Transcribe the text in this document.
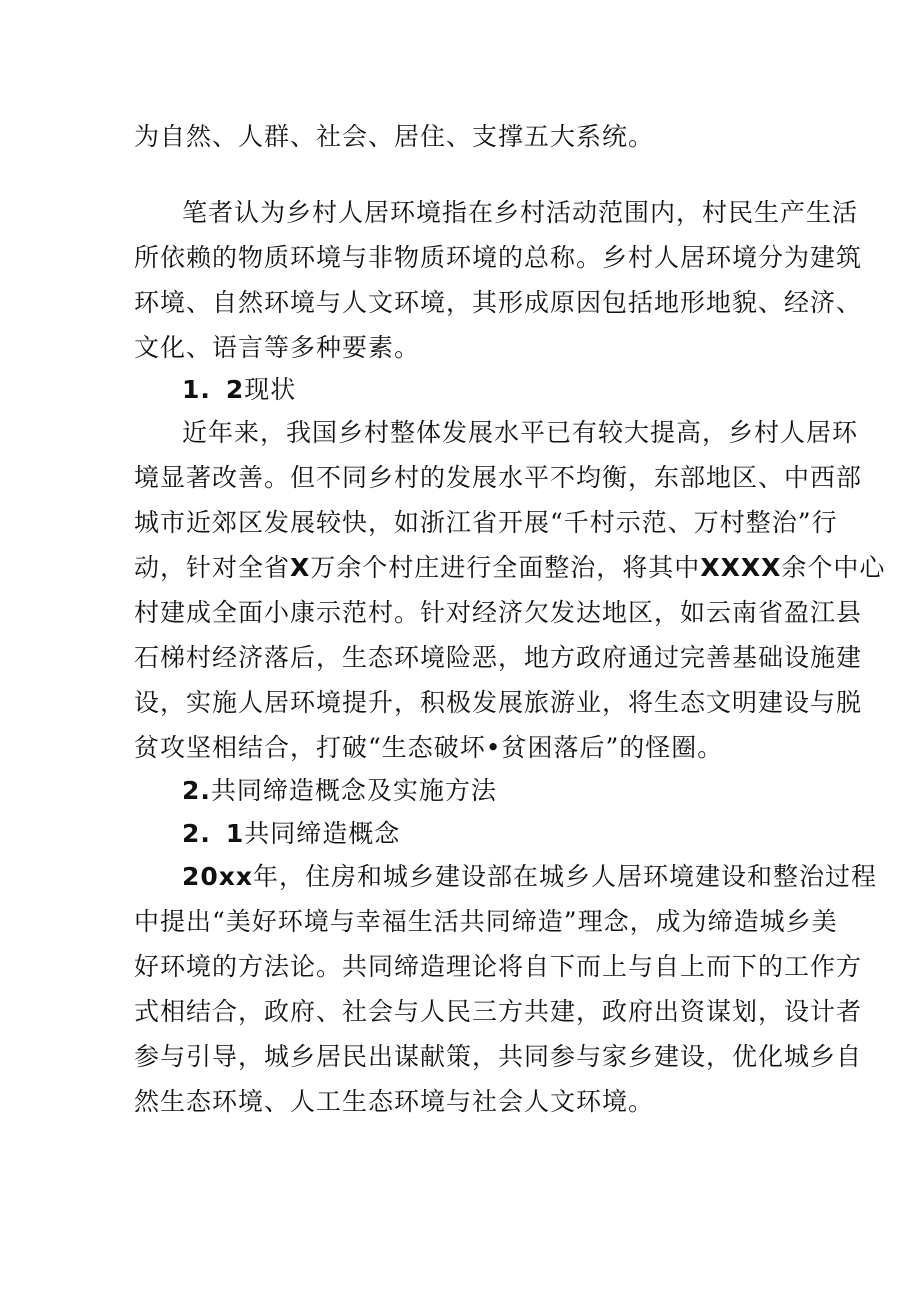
为自然、人群、社会、居住、支撑五大系统。
笔者认为乡村人居环境指在乡村活动范围内，村民生产生活
所依赖的物质环境与非物质环境的总称。乡村人居环境分为建筑
环境、自然环境与人文环境，其形成原因包括地形地貌、经济、
文化、语言等多种要素。
1. 2现状
近年来，我国乡村整体发展水平已有较大提高，乡村人居环
境显著改善。但不同乡村的发展水平不均衡，东部地区、中西部
城市近郊区发展较快，如浙江省开展“千村示范、万村整治”行
动，针对全省X万余个村庄进行全面整治，将其中XXXX余个中心
村建成全面小康示范村。针对经济欠发达地区，如云南省盈江县
石梯村经济落后，生态环境险恶，地方政府通过完善基础设施建
设，实施人居环境提升，积极发展旅游业，将生态文明建设与脱
贫攻坚相结合，打破“生态破坏•贫困落后”的怪圈。
2.共同缔造概念及实施方法
2. 1共同缔造概念
20xx年，住房和城乡建设部在城乡人居环境建设和整治过程
中提出“美好环境与幸福生活共同缔造”理念，成为缔造城乡美
好环境的方法论。共同缔造理论将自下而上与自上而下的工作方
式相结合，政府、社会与人民三方共建，政府出资谋划，设计者
参与引导，城乡居民出谋献策，共同参与家乡建设，优化城乡自
然生态环境、人工生态环境与社会人文环境。
